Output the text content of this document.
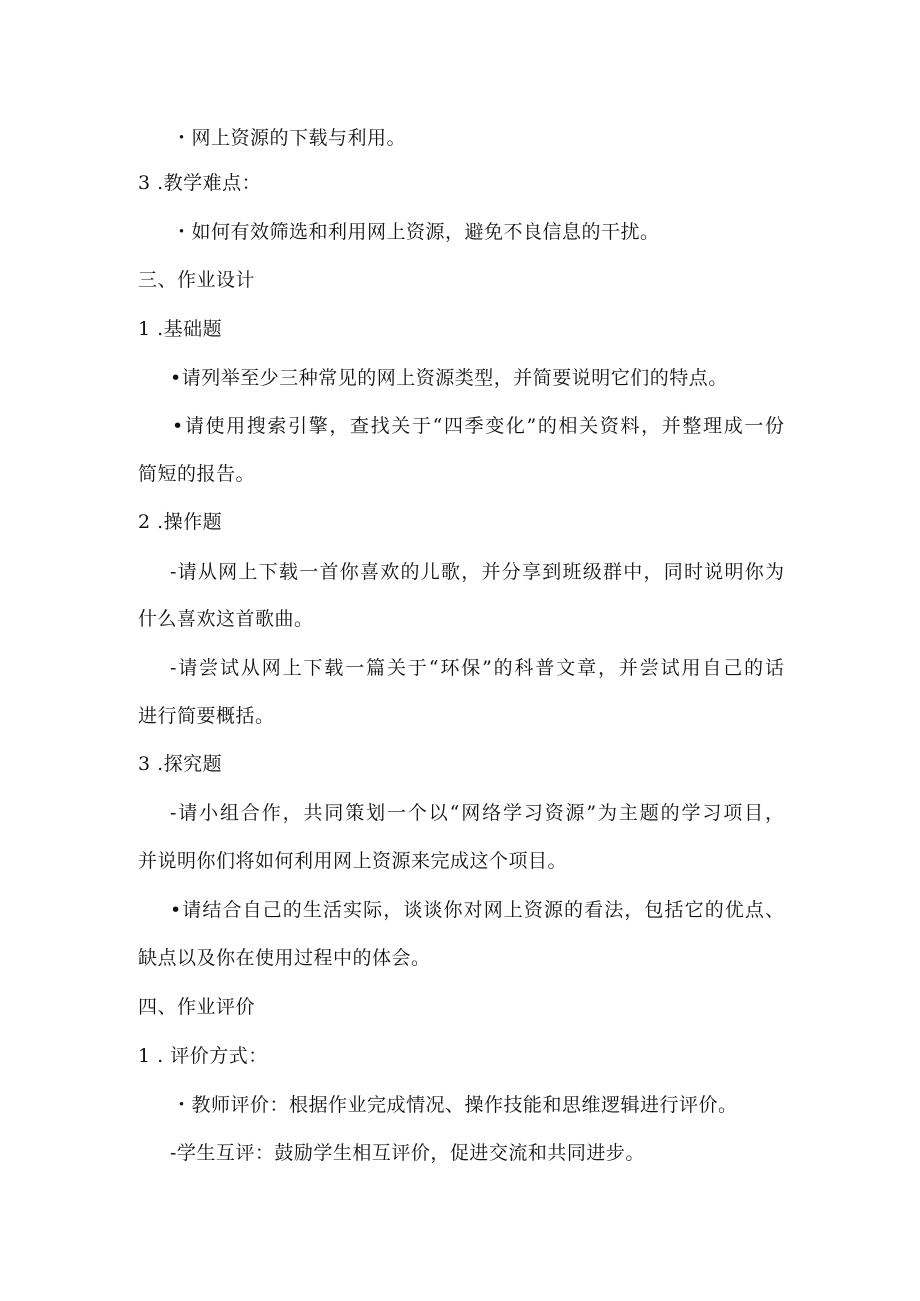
・网上资源的下载与利用。
3 .教学难点：
・如何有效筛选和利用网上资源，避免不良信息的干扰。
三、作业设计
1 .基础题
•请列举至少三种常见的网上资源类型，并简要说明它们的特点。
•请使用搜索引擎，查找关于“四季变化”的相关资料，并整理成一份
简短的报告。
2 .操作题
-请从网上下载一首你喜欢的儿歌，并分享到班级群中，同时说明你为
什么喜欢这首歌曲。
-请尝试从网上下载一篇关于“环保”的科普文章，并尝试用自己的话
进行简要概括。
3 .探究题
-请小组合作，共同策划一个以“网络学习资源”为主题的学习项目，
并说明你们将如何利用网上资源来完成这个项目。
•请结合自己的生活实际，谈谈你对网上资源的看法，包括它的优点、
缺点以及你在使用过程中的体会。
四、作业评价
1 . 评价方式：
・教师评价：根据作业完成情况、操作技能和思维逻辑进行评价。
-学生互评：鼓励学生相互评价，促进交流和共同进步。
